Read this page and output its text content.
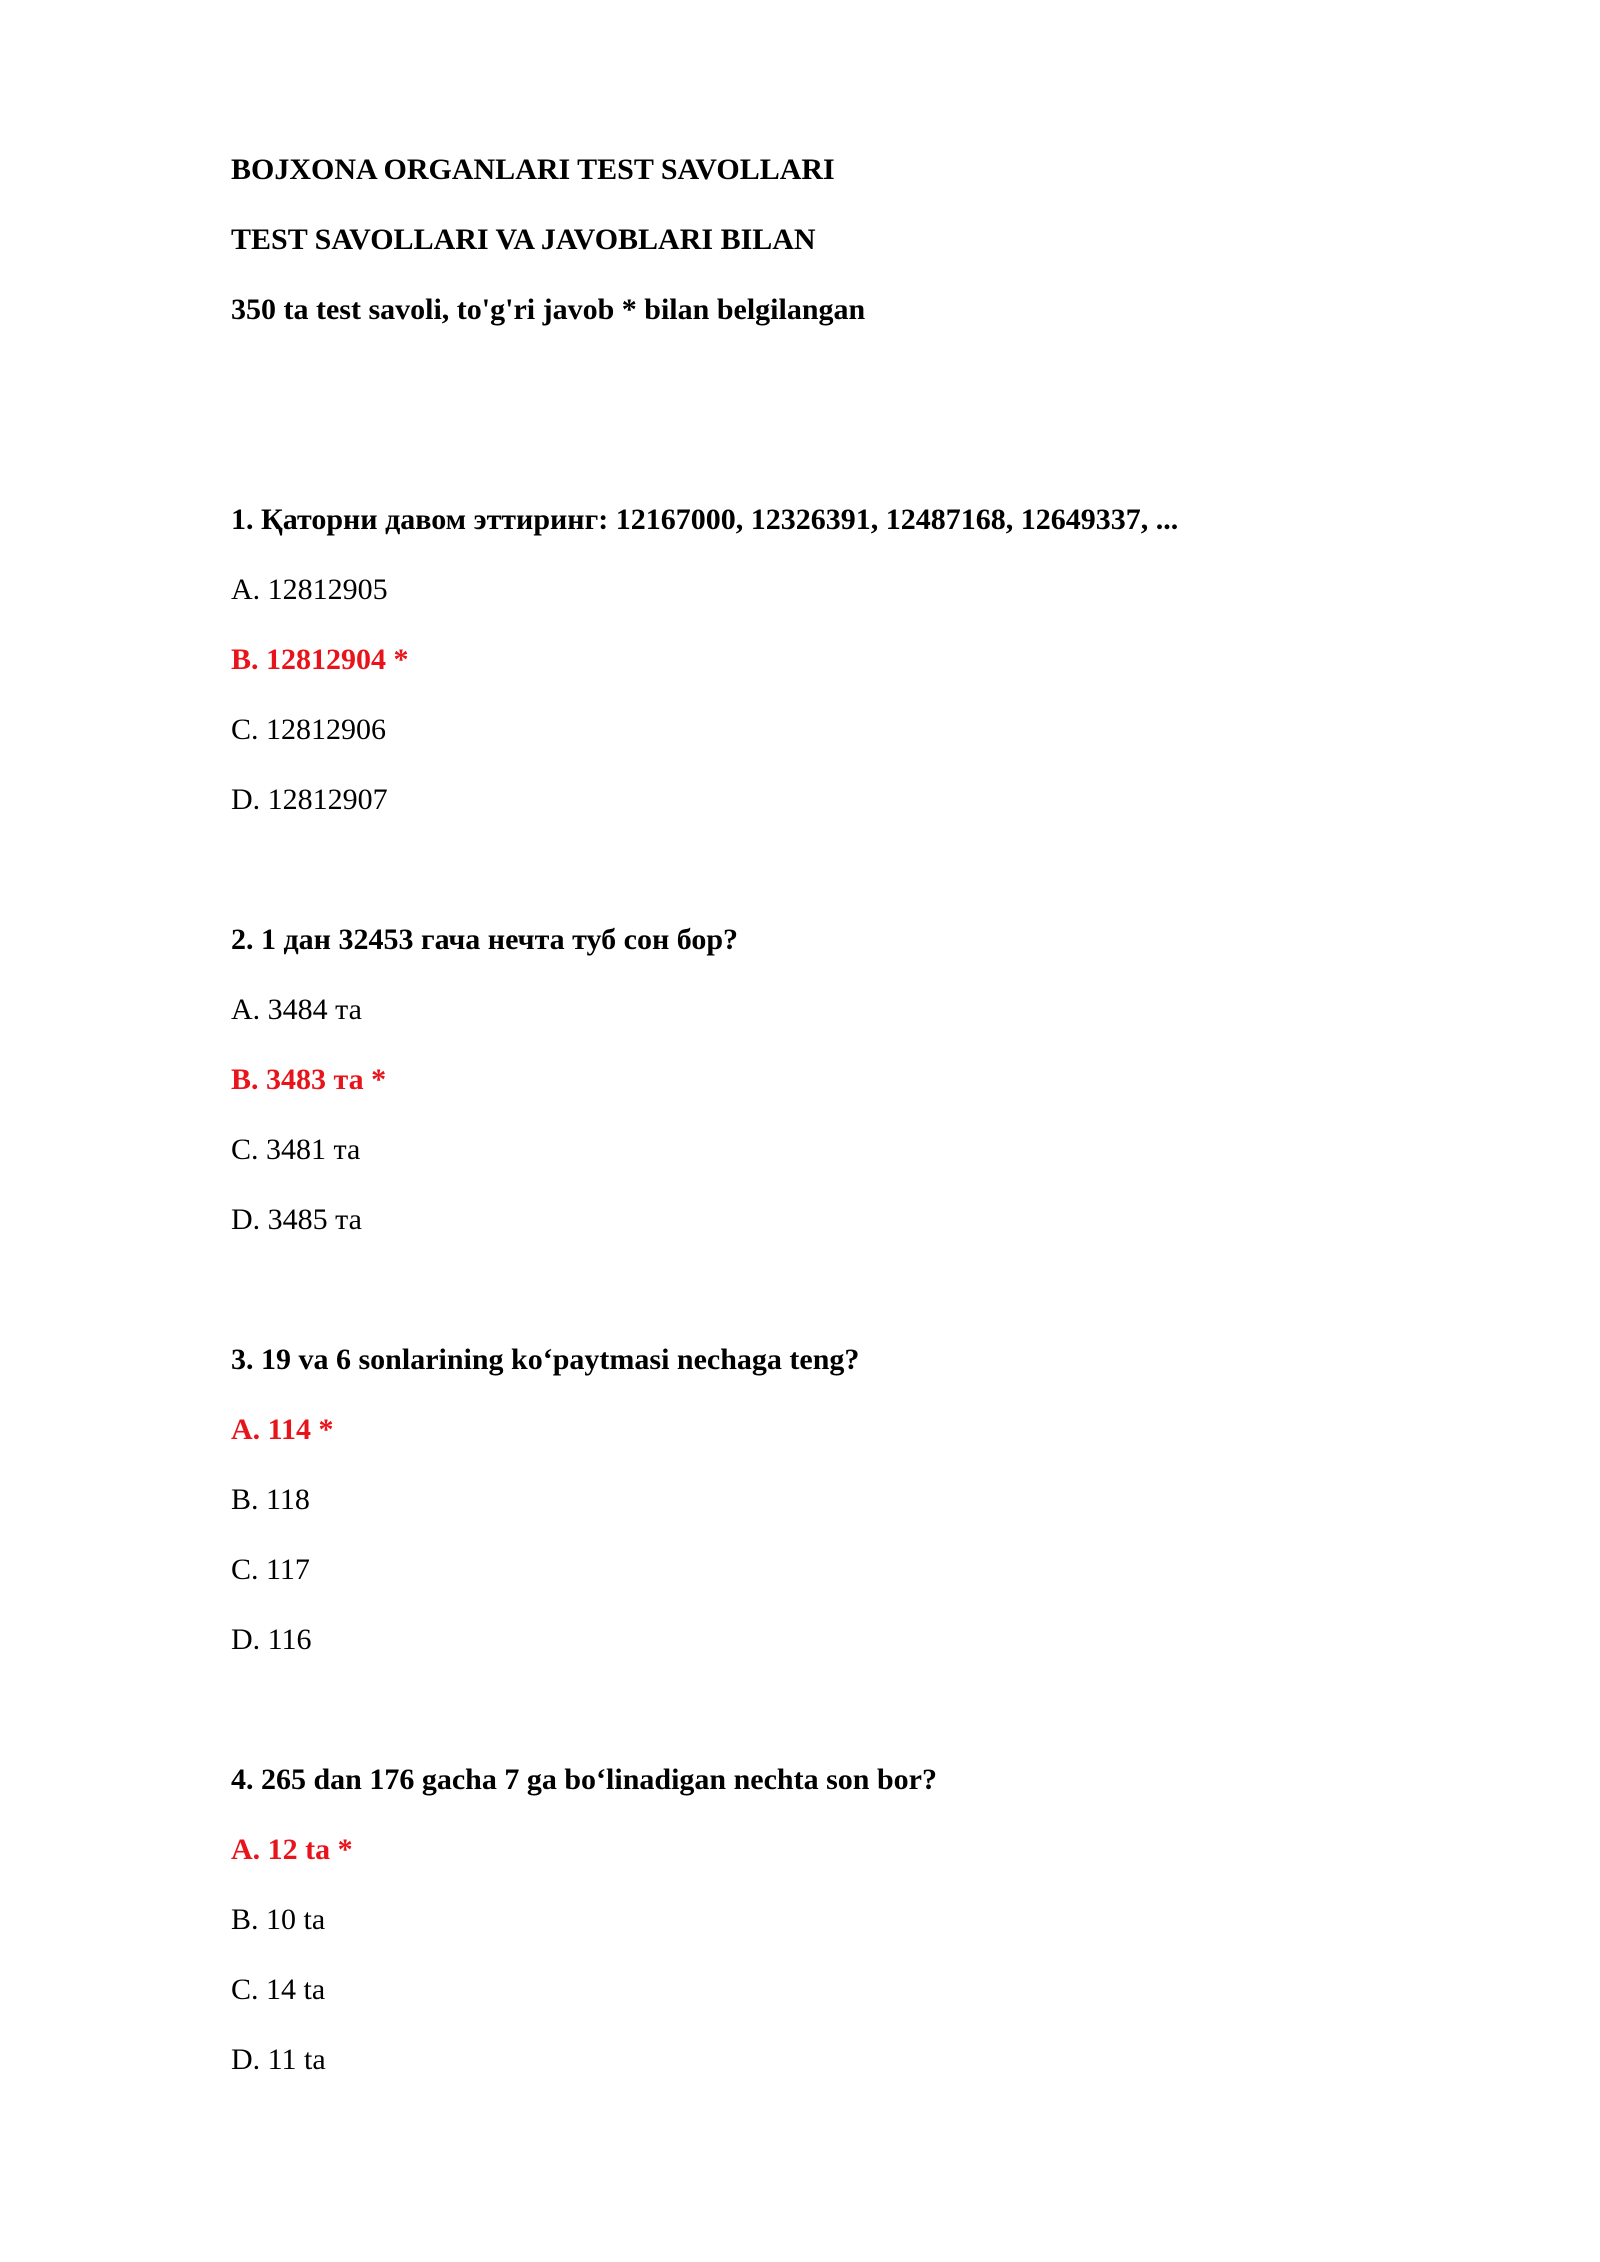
BOJXONA ORGANLARI TEST SAVOLLARI

TEST SAVOLLARI VA JAVOBLARI BILAN

350 ta test savoli, to'g'ri javob * bilan belgilangan

1. Қаторни давом эттиринг: 12167000, 12326391, 12487168, 12649337, ...

A. 12812905

B. 12812904 *

C. 12812906

D. 12812907

2. 1 дан 32453 гача нечта туб сон бор?

A. 3484 та

B. 3483 та *

C. 3481 та

D. 3485 та

3. 19 va 6 sonlarining koʻpaytmasi nechaga teng?

A. 114 *

B. 118

C. 117

D. 116

4. 265 dan 176 gacha 7 ga boʻlinadigan nechta son bor?

A. 12 ta *

B. 10 ta

C. 14 ta

D. 11 ta
